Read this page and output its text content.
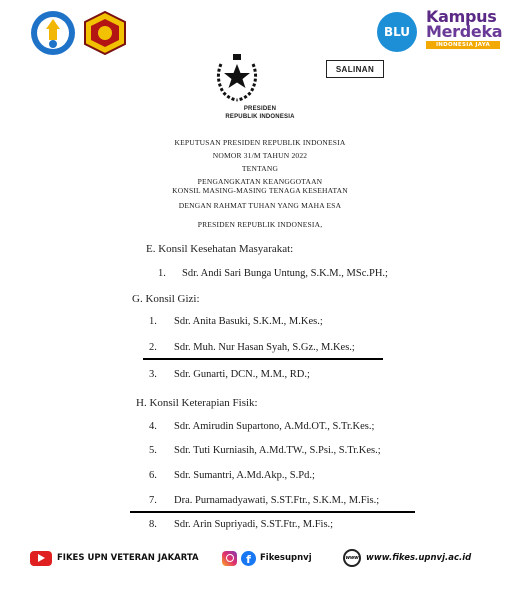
BLU
Kampus
Merdeka
INDONESIA JAYA
SALINAN
PRESIDEN
REPUBLIK INDONESIA
KEPUTUSAN PRESIDEN REPUBLIK INDONESIA
NOMOR 31/M TAHUN 2022
TENTANG
PENGANGKATAN KEANGGOTAAN
KONSIL MASING-MASING TENAGA KESEHATAN
DENGAN RAHMAT TUHAN YANG MAHA ESA
PRESIDEN REPUBLIK INDONESIA,
E. Konsil Kesehatan Masyarakat:
1. Sdr. Andi Sari Bunga Untung, S.K.M., MSc.PH.;
G. Konsil Gizi:
1. Sdr. Anita Basuki, S.K.M., M.Kes.;
2. Sdr. Muh. Nur Hasan Syah, S.Gz., M.Kes.;
3. Sdr. Gunarti, DCN., M.M., RD.;
H. Konsil Keterapian Fisik:
4. Sdr. Amirudin Supartono, A.Md.OT., S.Tr.Kes.;
5. Sdr. Tuti Kurniasih, A.Md.TW., S.Psi., S.Tr.Kes.;
6. Sdr. Sumantri, A.Md.Akp., S.Pd.;
7. Dra. Purnamadyawati, S.ST.Ftr., S.K.M., M.Fis.;
8. Sdr. Arin Supriyadi, S.ST.Ftr., M.Fis.;
FIKES UPN VETERAN JAKARTA	f	Fikesupnvj	www www.fikes.upnvj.ac.id
